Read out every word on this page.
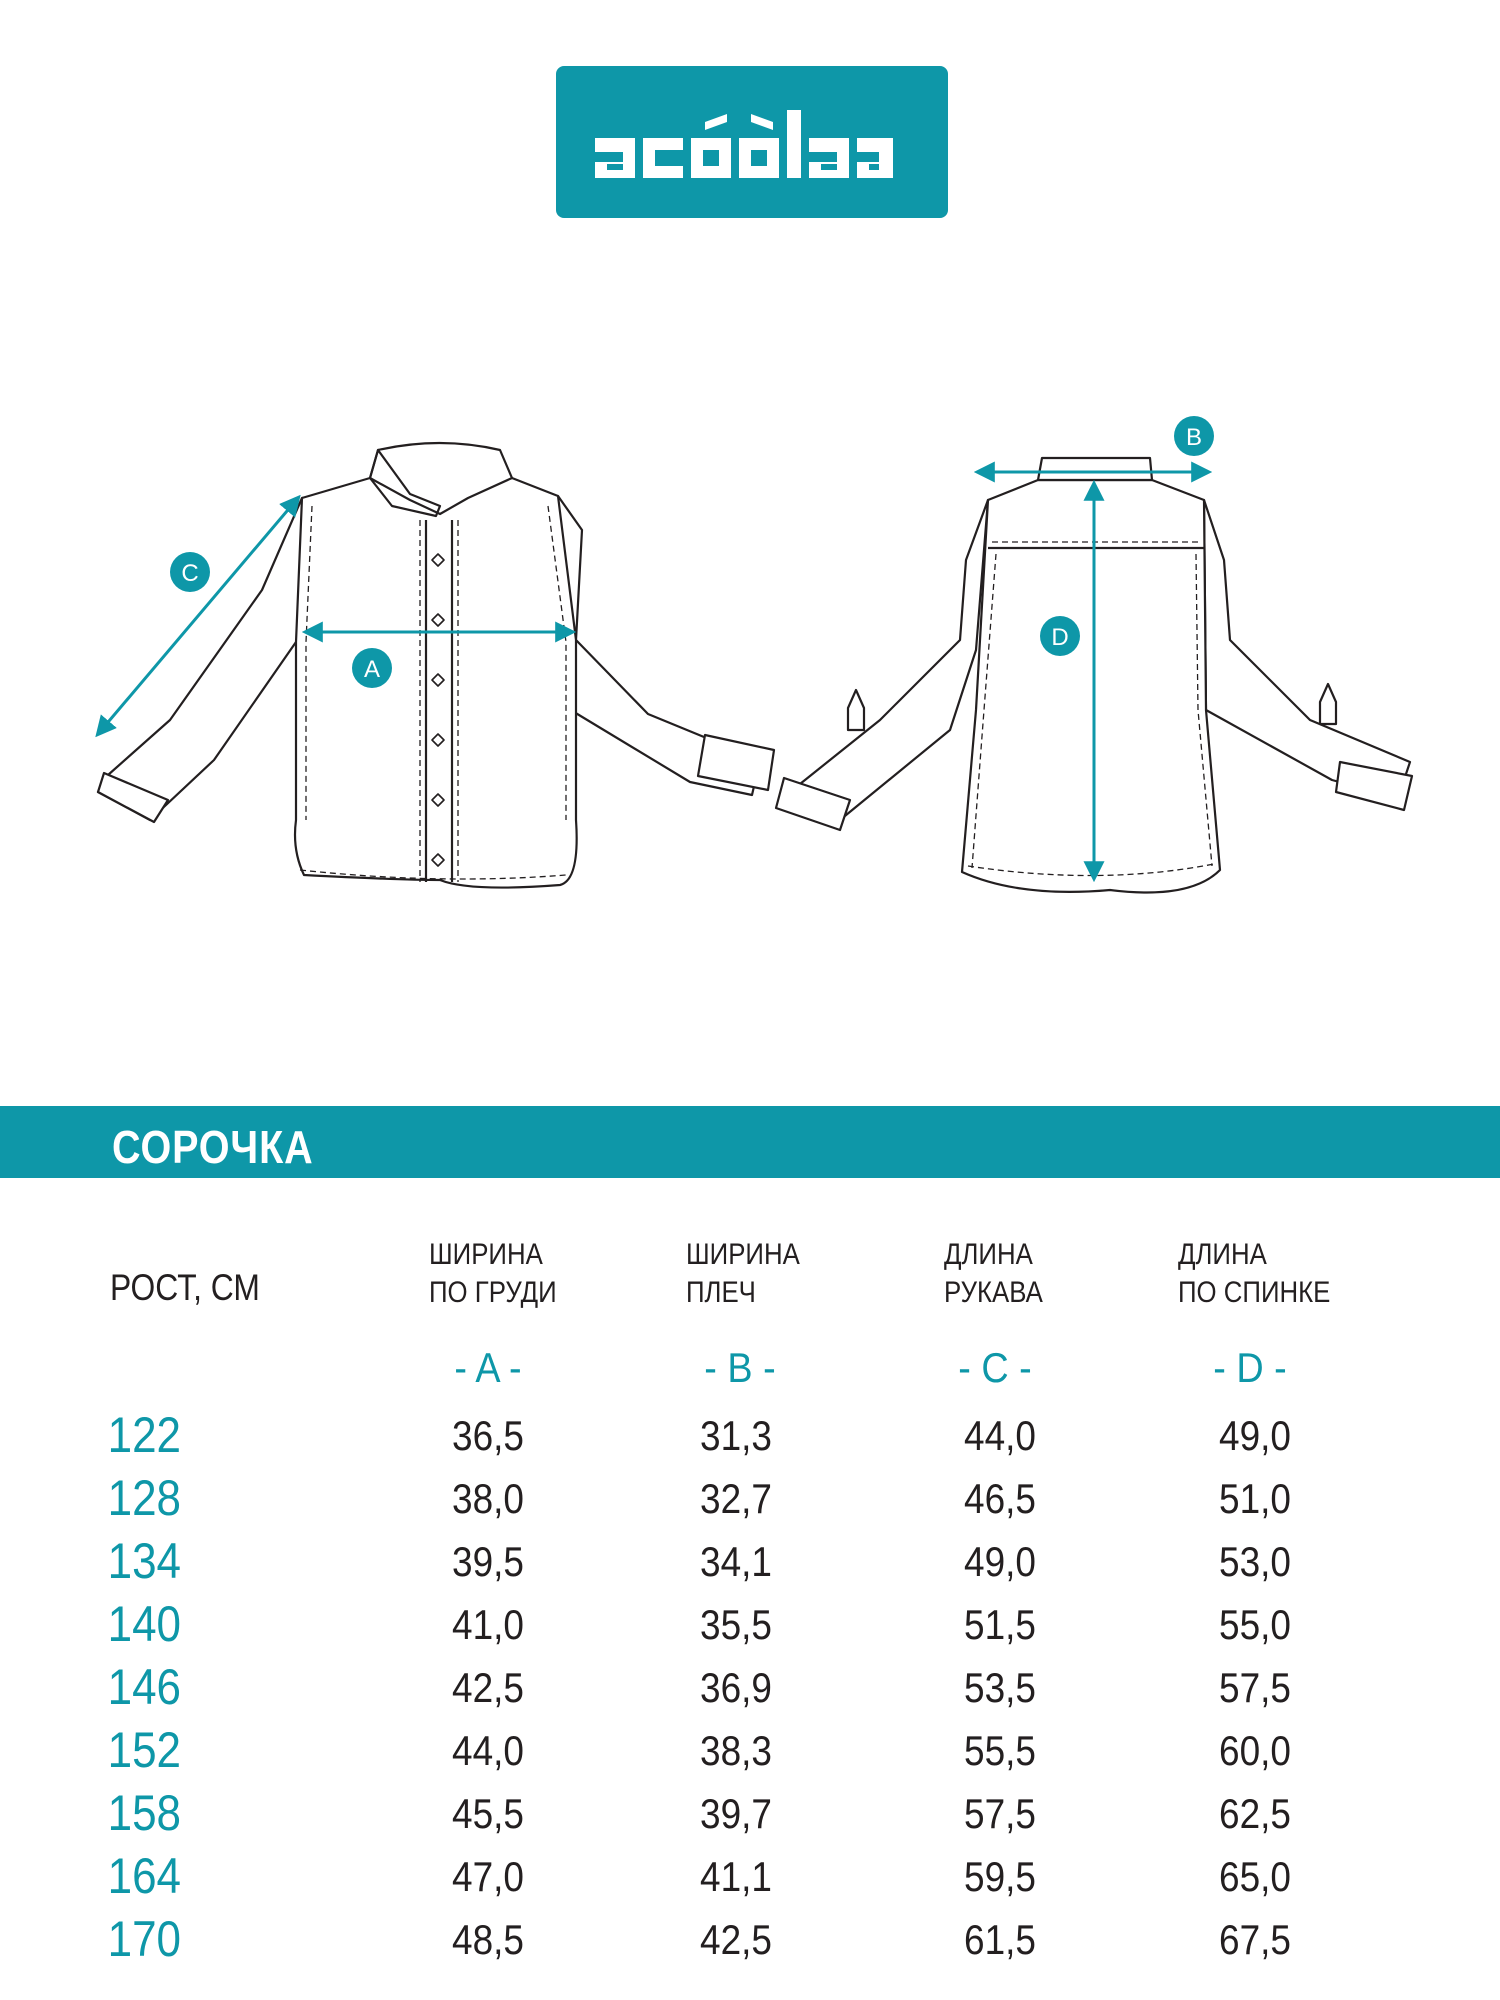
acoola
A
C
B
D
СОРОЧКА
РОСТ, СМ
ШИРИНА
ПО ГРУДИ
ШИРИНА
ПЛЕЧ
ДЛИНА
РУКАВА
ДЛИНА
ПО СПИНКЕ
- A -	- B -	- C -	- D -
122	36,5	31,3	44,0	49,0
128	38,0	32,7	46,5	51,0
134	39,5	34,1	49,0	53,0
140	41,0	35,5	51,5	55,0
146	42,5	36,9	53,5	57,5
152	44,0	38,3	55,5	60,0
158	45,5	39,7	57,5	62,5
164	47,0	41,1	59,5	65,0
170	48,5	42,5	61,5	67,5
